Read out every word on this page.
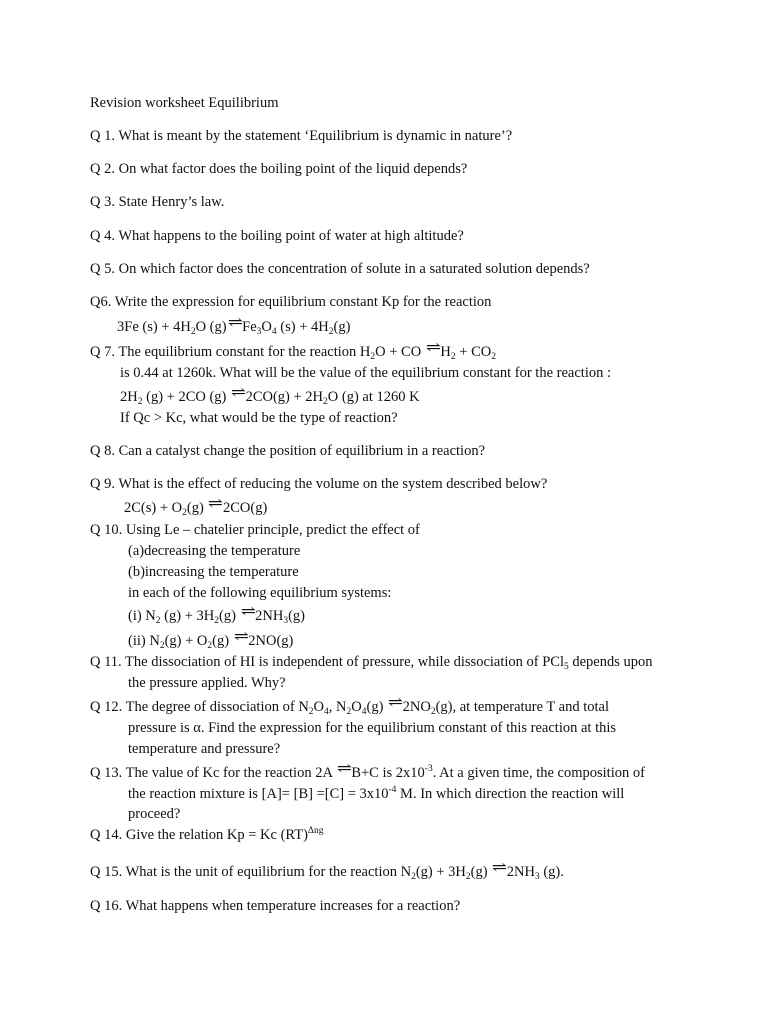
Revision worksheet Equilibrium
Q 1. What is meant by the statement ‘Equilibrium is dynamic in nature’?
Q 2. On what factor does the boiling point of the liquid depends?
Q 3. State Henry’s law.
Q 4. What happens to the boiling point of water at high altitude?
Q 5. On which factor does the concentration of solute in a saturated solution depends?
Q6. Write the expression for equilibrium constant Kp for the reaction
3Fe $(s) + 4H_2O$ $(g)\rightleftharpoons Fe_3O_4$ $(s) + 4H_2(g)$
Q 7. The equilibrium constant for the reaction $H_2O$ + CO $\rightleftharpoons H_2 + CO_2$
is 0.44 at 1260k. What will be the value of the equilibrium constant for the reaction :
$2H_2$ (g) + 2CO (g) ⇌2CO(g) + $2H_2O$ (g) at 1260 K
If Qc > Kc, what would be the type of reaction?
Q 8. Can a catalyst change the position of equilibrium in a reaction?
Q 9. What is the effect of reducing the volume on the system described below?
$2C(s) + O_2(g)$ ⇌2CO(g)
Q 10. Using Le – chatelier principle, predict the effect of
(a)decreasing the temperature
(b)increasing the temperature
in each of the following equilibrium systems:
(i) $N_2$ $(g) + 3H_2(g)$ $\rightleftharpoons 2NH_3(g)$
(ii) $N_2(g) + O_2(g)$ ⇌2NO(g)
Q 11. The dissociation of HI is independent of pressure, while dissociation of PCl$_5$ depends upon
the pressure applied. Why?
Q 12. The degree of dissociation of $N_2O_4$, $N_2O_4(g)$ $\rightleftharpoons 2NO_2(g)$, at temperature T and total
pressure is α. Find the expression for the equilibrium constant of this reaction at this
temperature and pressure?
Q 13. The value of Kc for the reaction 2A ⇌B+C is $2x10^{-3}$. At a given time, the composition of
the reaction mixture is $[A]= [B] =[C] = 3x10^{-4}$ M. In which direction the reaction will
proceed?
Q 14. Give the relation Kp = Kc (RT)$^{\Delta ng}$
Q 15. What is the unit of equilibrium for the reaction $N_2(g) + 3H_2(g)$ $\rightleftharpoons 2NH_3$ (g).
Q 16. What happens when temperature increases for a reaction?
